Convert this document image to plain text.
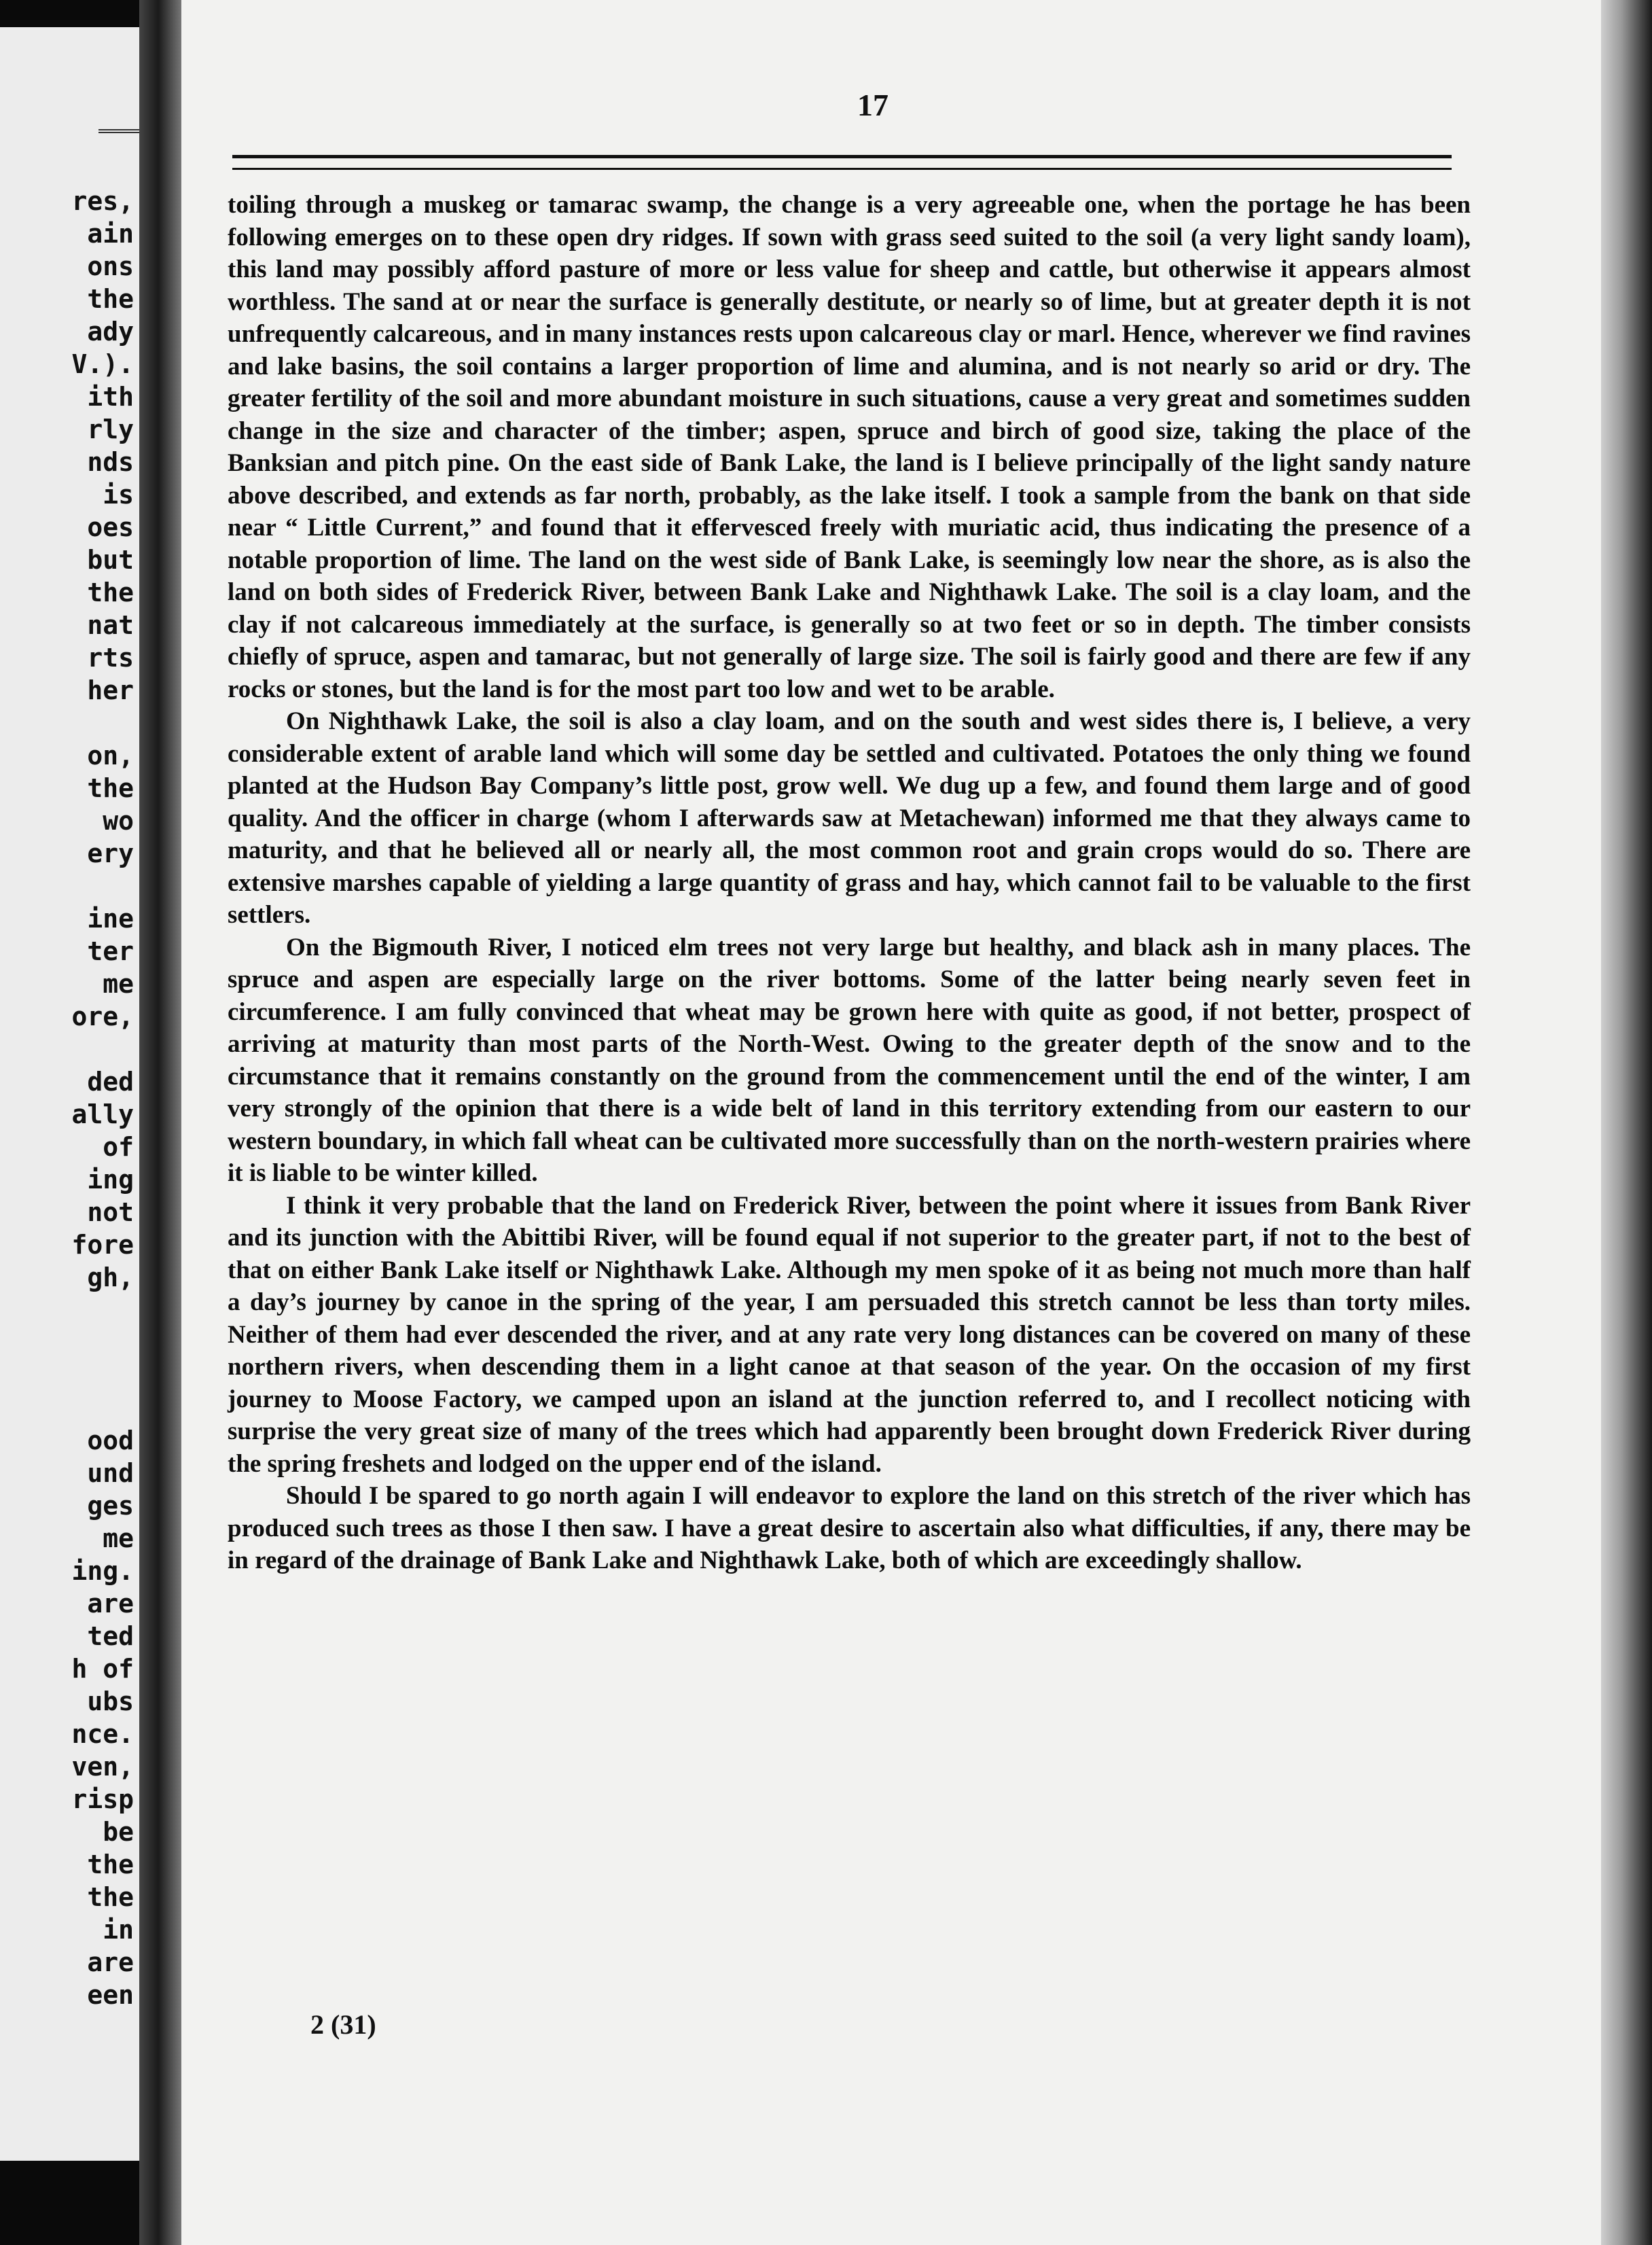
res,
ain
ons
the
ady
V.).
ith
rly
nds
is
oes
but
the
nat
rts
her

on,
the
wo
ery

ine
ter
me
ore,

ded
ally
of
ing
not
fore
gh,

ood
und
ges
me
ing.
are
ted
h of
ubs
nce.
ven,
risp
be
the
the
in
are
een
17

toiling through a muskeg or tamarac swamp, the change is a very agreeable one, when the portage he has been following emerges on to these open dry ridges. If sown with grass seed suited to the soil (a very light sandy loam), this land may possibly afford pasture of more or less value for sheep and cattle, but otherwise it appears almost worthless. The sand at or near the surface is generally destitute, or nearly so of lime, but at greater depth it is not unfrequently calcareous, and in many instances rests upon calcareous clay or marl. Hence, wherever we find ravines and lake basins, the soil contains a larger proportion of lime and alumina, and is not nearly so arid or dry. The greater fertility of the soil and more abundant moisture in such situations, cause a very great and sometimes sudden change in the size and character of the timber; aspen, spruce and birch of good size, taking the place of the Banksian and pitch pine. On the east side of Bank Lake, the land is I believe principally of the light sandy nature above described, and extends as far north, probably, as the lake itself. I took a sample from the bank on that side near “ Little Current,” and found that it effervesced freely with muriatic acid, thus indicating the presence of a notable proportion of lime. The land on the west side of Bank Lake, is seemingly low near the shore, as is also the land on both sides of Frederick River, between Bank Lake and Nighthawk Lake. The soil is a clay loam, and the clay if not calcareous immediately at the surface, is generally so at two feet or so in depth. The timber consists chiefly of spruce, aspen and tamarac, but not generally of large size. The soil is fairly good and there are few if any rocks or stones, but the land is for the most part too low and wet to be arable.

On Nighthawk Lake, the soil is also a clay loam, and on the south and west sides there is, I believe, a very considerable extent of arable land which will some day be settled and cultivated. Potatoes the only thing we found planted at the Hudson Bay Company’s little post, grow well. We dug up a few, and found them large and of good quality. And the officer in charge (whom I afterwards saw at Metachewan) informed me that they always came to maturity, and that he believed all or nearly all, the most common root and grain crops would do so. There are extensive marshes capable of yielding a large quantity of grass and hay, which cannot fail to be valuable to the first settlers.

On the Bigmouth River, I noticed elm trees not very large but healthy, and black ash in many places. The spruce and aspen are especially large on the river bottoms. Some of the latter being nearly seven feet in circumference. I am fully convinced that wheat may be grown here with quite as good, if not better, prospect of arriving at maturity than most parts of the North-West. Owing to the greater depth of the snow and to the circumstance that it remains constantly on the ground from the commencement until the end of the winter, I am very strongly of the opinion that there is a wide belt of land in this territory extending from our eastern to our western boundary, in which fall wheat can be cultivated more successfully than on the north-western prairies where it is liable to be winter killed.

I think it very probable that the land on Frederick River, between the point where it issues from Bank River and its junction with the Abittibi River, will be found equal if not superior to the greater part, if not to the best of that on either Bank Lake itself or Nighthawk Lake. Although my men spoke of it as being not much more than half a day’s journey by canoe in the spring of the year, I am persuaded this stretch cannot be less than torty miles. Neither of them had ever descended the river, and at any rate very long distances can be covered on many of these northern rivers, when descending them in a light canoe at that season of the year. On the occasion of my first journey to Moose Factory, we camped upon an island at the junction referred to, and I recollect noticing with surprise the very great size of many of the trees which had apparently been brought down Frederick River during the spring freshets and lodged on the upper end of the island.

Should I be spared to go north again I will endeavor to explore the land on this stretch of the river which has produced such trees as those I then saw. I have a great desire to ascertain also what difficulties, if any, there may be in regard of the drainage of Bank Lake and Nighthawk Lake, both of which are exceedingly shallow.

2 (31)
